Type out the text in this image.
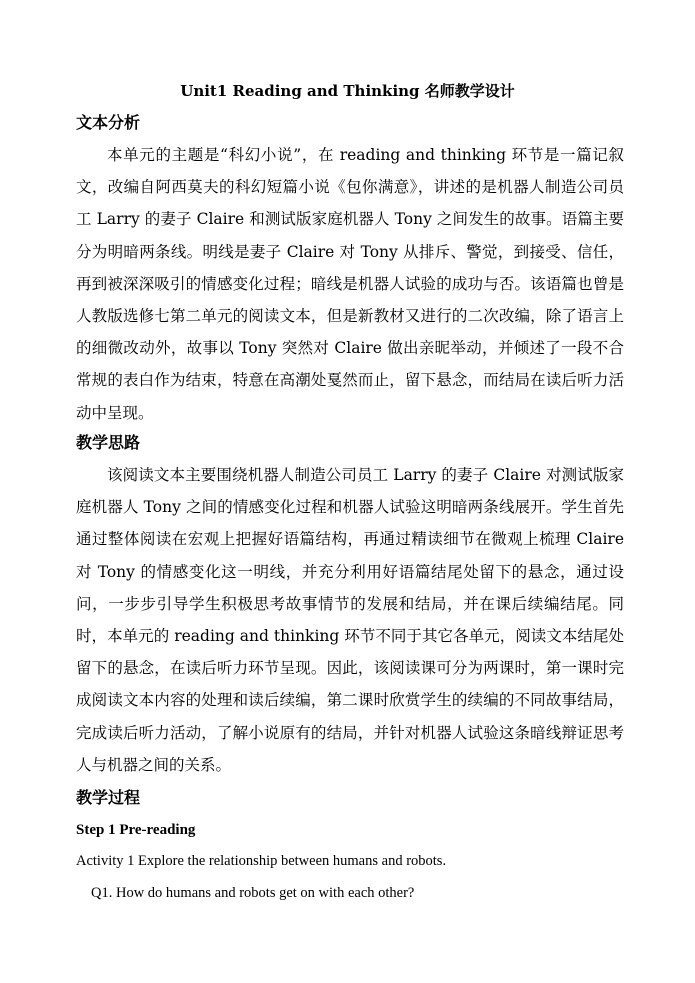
Unit1 Reading and Thinking 名师教学设计
文本分析

本单元的主题是“科幻小说”，在 reading and thinking 环节是一篇记叙文，改编自阿西莫夫的科幻短篇小说《包你满意》，讲述的是机器人制造公司员工 Larry 的妻子 Claire 和测试版家庭机器人 Tony 之间发生的故事。语篇主要分为明暗两条线。明线是妻子 Claire 对 Tony 从排斥、警觉，到接受、信任，再到被深深吸引的情感变化过程；暗线是机器人试验的成功与否。该语篇也曾是人教版选修七第二单元的阅读文本，但是新教材又进行的二次改编，除了语言上的细微改动外，故事以 Tony 突然对 Claire 做出亲昵举动，并倾述了一段不合常规的表白作为结束，特意在高潮处戛然而止，留下悬念，而结局在读后听力活动中呈现。

教学思路

该阅读文本主要围绕机器人制造公司员工 Larry 的妻子 Claire 对测试版家庭机器人 Tony 之间的情感变化过程和机器人试验这明暗两条线展开。学生首先通过整体阅读在宏观上把握好语篇结构，再通过精读细节在微观上梳理 Claire 对 Tony 的情感变化这一明线，并充分利用好语篇结尾处留下的悬念，通过设问，一步步引导学生积极思考故事情节的发展和结局，并在课后续编结尾。同时，本单元的 reading and thinking 环节不同于其它各单元，阅读文本结尾处留下的悬念，在读后听力环节呈现。因此，该阅读课可分为两课时，第一课时完成阅读文本内容的处理和读后续编，第二课时欣赏学生的续编的不同故事结局，完成读后听力活动，了解小说原有的结局，并针对机器人试验这条暗线辩证思考人与机器之间的关系。

教学过程
Step 1 Pre-reading
Activity 1 Explore the relationship between humans and robots.
Q1. How do humans and robots get on with each other?
